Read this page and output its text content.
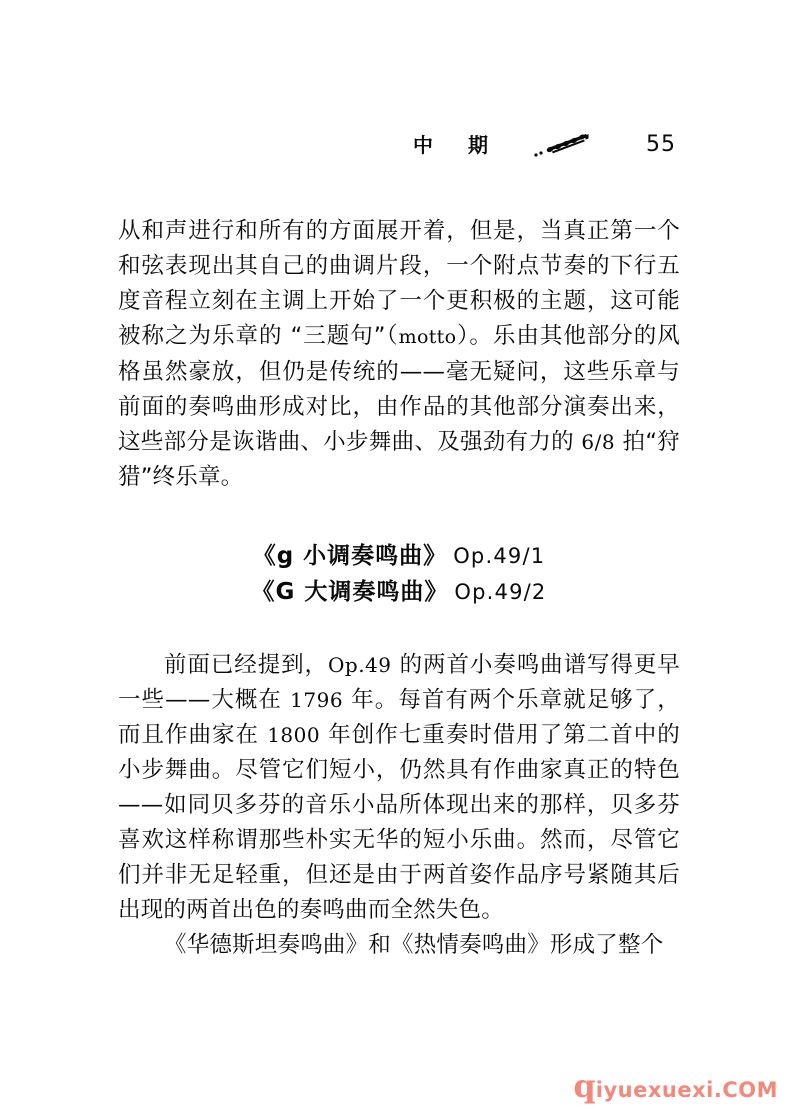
中 期	55

从和声进行和所有的方面展开着，但是，当真正第一个和弦表现出其自己的曲调片段，一个附点节奏的下行五度音程立刻在主调上开始了一个更积极的主题，这可能被称之为乐章的 “三题句”（motto）。乐由其他部分的风格虽然豪放，但仍是传统的——毫无疑问，这些乐章与前面的奏鸣曲形成对比，由作品的其他部分演奏出来，这些部分是诙谐曲、小步舞曲、及强劲有力的 6/8 拍“狩猎”终乐章。

《g 小调奏鸣曲》 Op.49/1
《G 大调奏鸣曲》 Op.49/2

前面已经提到，Op.49 的两首小奏鸣曲谱写得更早一些——大概在 1796 年。每首有两个乐章就足够了，而且作曲家在 1800 年创作七重奏时借用了第二首中的小步舞曲。尽管它们短小，仍然具有作曲家真正的特色——如同贝多芬的音乐小品所体现出来的那样，贝多芬喜欢这样称谓那些朴实无华的短小乐曲。然而，尽管它们并非无足轻重，但还是由于两首姿作品序号紧随其后出现的两首出色的奏鸣曲而全然失色。

《华德斯坦奏鸣曲》和《热情奏鸣曲》形成了整个

q iyuexuexi.COM
